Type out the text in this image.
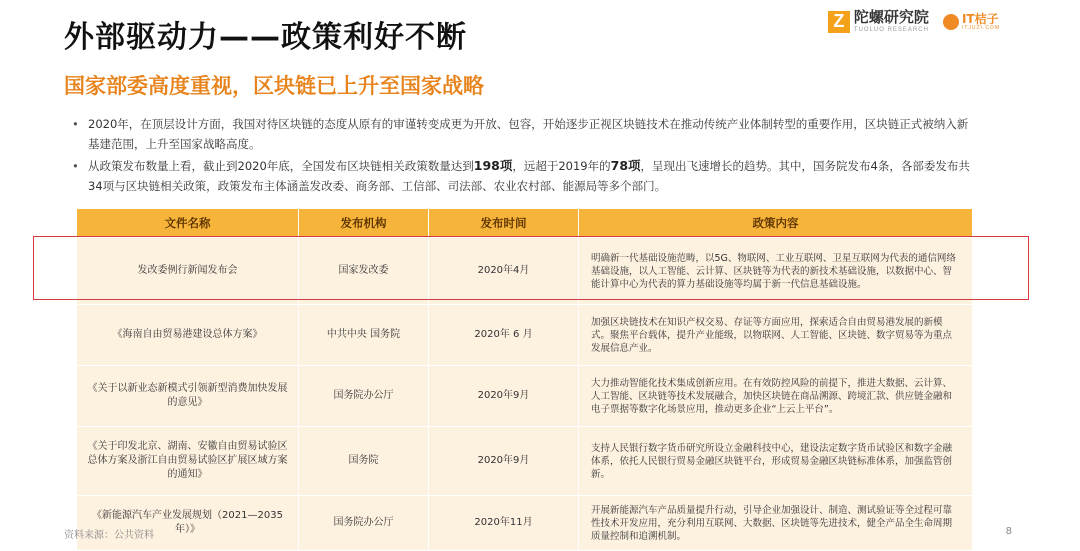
外部驱动力——政策利好不断	Z 陀螺研究院
TUOLUO RESEARCH
IT桔子
ITJUZI.COM
国家部委高度重视，区块链已上升至国家战略
• 2020年，在顶层设计方面，我国对待区块链的态度从原有的审谨转变成更为开放、包容，开始逐步正视区块链技术在推动传统产业体制转型的重要作用，区块链正式被纳入新基建范围，上升至国家战略高度。
• 从政策发布数量上看，截止到2020年底，全国发布区块链相关政策数量达到198项，远超于2019年的78项，呈现出飞速增长的趋势。其中，国务院发布4条，各部委发布共34项与区块链相关政策，政策发布主体涵盖发改委、商务部、工信部、司法部、农业农村部、能源局等多个部门。
文件名称	发布机构	发布时间	政策内容
发改委例行新闻发布会	国家发改委	2020年4月	明确新一代基础设施范畴，以5G、物联网、工业互联网、卫星互联网为代表的通信网络基础设施，以人工智能、云计算、区块链等为代表的新技术基础设施，以数据中心、智能计算中心为代表的算力基础设施等均属于新一代信息基础设施。
《海南自由贸易港建设总体方案》	中共中央 国务院	2020年 6 月	加强区块链技术在知识产权交易、存证等方面应用，探索适合自由贸易港发展的新模式。聚焦平台载体，提升产业能级，以物联网、人工智能、区块链、数字贸易等为重点发展信息产业。
《关于以新业态新模式引领新型消费加快发展的意见》	国务院办公厅	2020年9月	大力推动智能化技术集成创新应用。在有效防控风险的前提下，推进大数据、云计算、人工智能、区块链等技术发展融合，加快区块链在商品溯源、跨境汇款、供应链金融和电子票据等数字化场景应用，推动更多企业“上云上平台”。
《关于印发北京、湖南、安徽自由贸易试验区总体方案及浙江自由贸易试验区扩展区域方案的通知》	国务院	2020年9月	支持人民银行数字货币研究所设立金融科技中心，建设法定数字货币试验区和数字金融体系，依托人民银行贸易金融区块链平台，形成贸易金融区块链标准体系，加强监管创新。
《新能源汽车产业发展规划（2021—2035年）》	国务院办公厅	2020年11月	开展新能源汽车产品质量提升行动，引导企业加强设计、制造、测试验证等全过程可靠性技术开发应用，充分利用互联网、大数据、区块链等先进技术，健全产品全生命周期质量控制和追溯机制。
资料来源：公共资料	8
